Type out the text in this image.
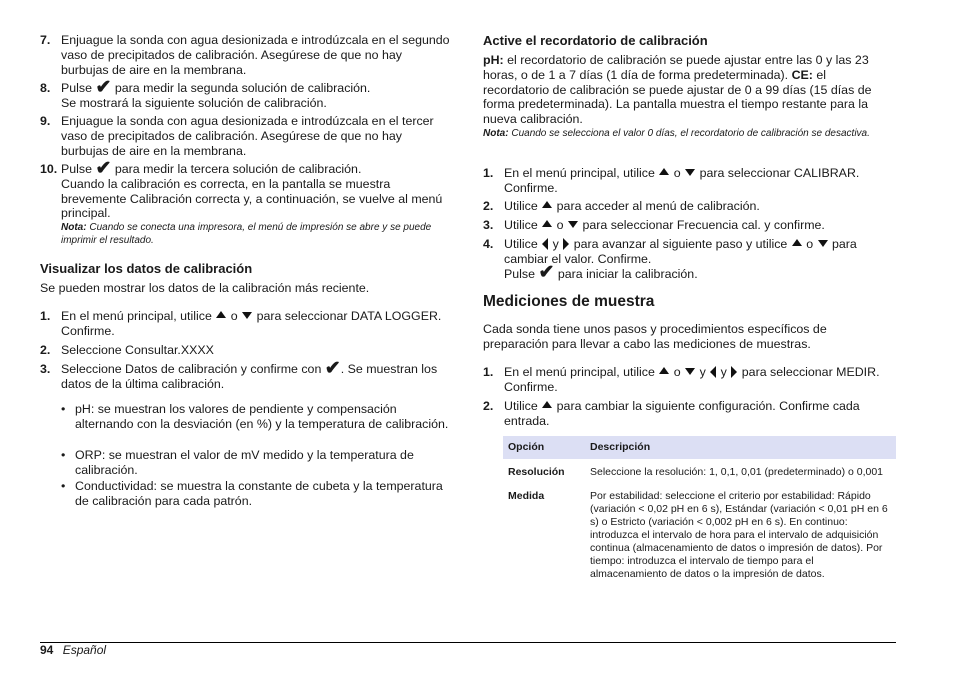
7. Enjuague la sonda con agua desionizada e introdúzcala en el segundo vaso de precipitados de calibración. Asegúrese de que no hay burbujas de aire en la membrana.
8. Pulse ✔ para medir la segunda solución de calibración.
Se mostrará la siguiente solución de calibración.
9. Enjuague la sonda con agua desionizada e introdúzcala en el tercer vaso de precipitados de calibración. Asegúrese de que no hay burbujas de aire en la membrana.
10. Pulse ✔ para medir la tercera solución de calibración.
Cuando la calibración es correcta, en la pantalla se muestra brevemente Calibración correcta y, a continuación, se vuelve al menú principal.
Nota: Cuando se conecta una impresora, el menú de impresión se abre y se puede imprimir el resultado.
Visualizar los datos de calibración
Se pueden mostrar los datos de la calibración más reciente.
1. En el menú principal, utilice o para seleccionar DATA LOGGER. Confirme.
2. Seleccione Consultar.XXXX
3. Seleccione Datos de calibración y confirme con ✔. Se muestran los datos de la última calibración.
• pH: se muestran los valores de pendiente y compensación alternando con la desviación (en %) y la temperatura de calibración.
• ORP: se muestran el valor de mV medido y la temperatura de calibración.
• Conductividad: se muestra la constante de cubeta y la temperatura de calibración para cada patrón.
Active el recordatorio de calibración
pH: el recordatorio de calibración se puede ajustar entre las 0 y las 23 horas, o de 1 a 7 días (1 día de forma predeterminada). CE: el recordatorio de calibración se puede ajustar de 0 a 99 días (15 días de forma predeterminada). La pantalla muestra el tiempo restante para la nueva calibración.
Nota: Cuando se selecciona el valor 0 días, el recordatorio de calibración se desactiva.
1. En el menú principal, utilice o para seleccionar CALIBRAR. Confirme.
2. Utilice para acceder al menú de calibración.
3. Utilice o para seleccionar Frecuencia cal. y confirme.
4. Utilice y para avanzar al siguiente paso y utilice o para cambiar el valor. Confirme.
Pulse ✔ para iniciar la calibración.
Mediciones de muestra
Cada sonda tiene unos pasos y procedimientos específicos de preparación para llevar a cabo las mediciones de muestras.
1. En el menú principal, utilice o y y para seleccionar MEDIR. Confirme.
2. Utilice para cambiar la siguiente configuración. Confirme cada entrada.
Opción	Descripción
Resolución	Seleccione la resolución: 1, 0,1, 0,01 (predeterminado) o 0,001
Medida	Por estabilidad: seleccione el criterio por estabilidad: Rápido (variación < 0,02 pH en 6 s), Estándar (variación < 0,01 pH en 6 s) o Estricto (variación < 0,002 pH en 6 s). En continuo: introduzca el intervalo de hora para el intervalo de adquisición continua (almacenamiento de datos o impresión de datos). Por tiempo: introduzca el intervalo de tiempo para el almacenamiento de datos o la impresión de datos.
94 Español
